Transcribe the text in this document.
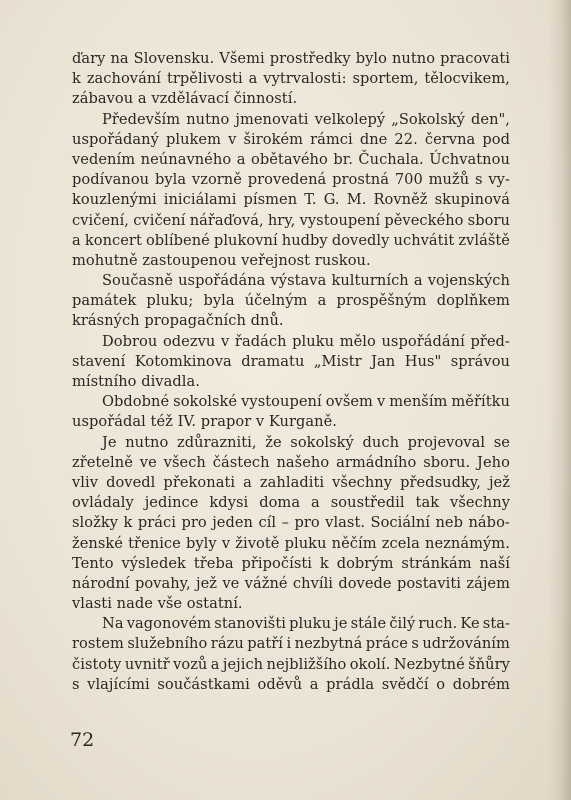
ďary na Slovensku. Všemi prostředky bylo nutno pracovati
k zachování trpělivosti a vytrvalosti: sportem, tělocvikem,
zábavou a vzdělávací činností.
Především nutno jmenovati velkolepý „Sokolský den",
uspořádaný plukem v širokém rámci dne 22. června pod
vedením neúnavného a obětavého br. Čuchala. Úchvatnou
podívanou byla vzorně provedená prostná 700 mužů s vy-
kouzlenými iniciálami písmen T. G. M. Rovněž skupinová
cvičení, cvičení nářaďová, hry, vystoupení pěveckého sboru
a koncert oblíbené plukovní hudby dovedly uchvátit zvláště
mohutně zastoupenou veřejnost ruskou.
Současně uspořádána výstava kulturních a vojenských
památek pluku; byla účelným a prospěšným doplňkem
krásných propagačních dnů.
Dobrou odezvu v řadách pluku mělo uspořádání před-
stavení Kotomkinova dramatu „Mistr Jan Hus" správou
místního divadla.
Obdobné sokolské vystoupení ovšem v menším měřítku
uspořádal též IV. prapor v Kurganě.
Je nutno zdůrazniti, že sokolský duch projevoval se
zřetelně ve všech částech našeho armádního sboru. Jeho
vliv dovedl překonati a zahladiti všechny předsudky, jež
ovládaly jedince kdysi doma a soustředil tak všechny
složky k práci pro jeden cíl – pro vlast. Sociální neb nábo-
ženské třenice byly v životě pluku něčím zcela neznámým.
Tento výsledek třeba připočísti k dobrým stránkám naší
národní povahy, jež ve vážné chvíli dovede postaviti zájem
vlasti nade vše ostatní.
Na vagonovém stanovišti pluku je stále čilý ruch. Ke sta-
rostem služebního rázu patří i nezbytná práce s udržováním
čistoty uvnitř vozů a jejich nejbližšího okolí. Nezbytné šňůry
s vlajícími součástkami oděvů a prádla svědčí o dobrém
72
